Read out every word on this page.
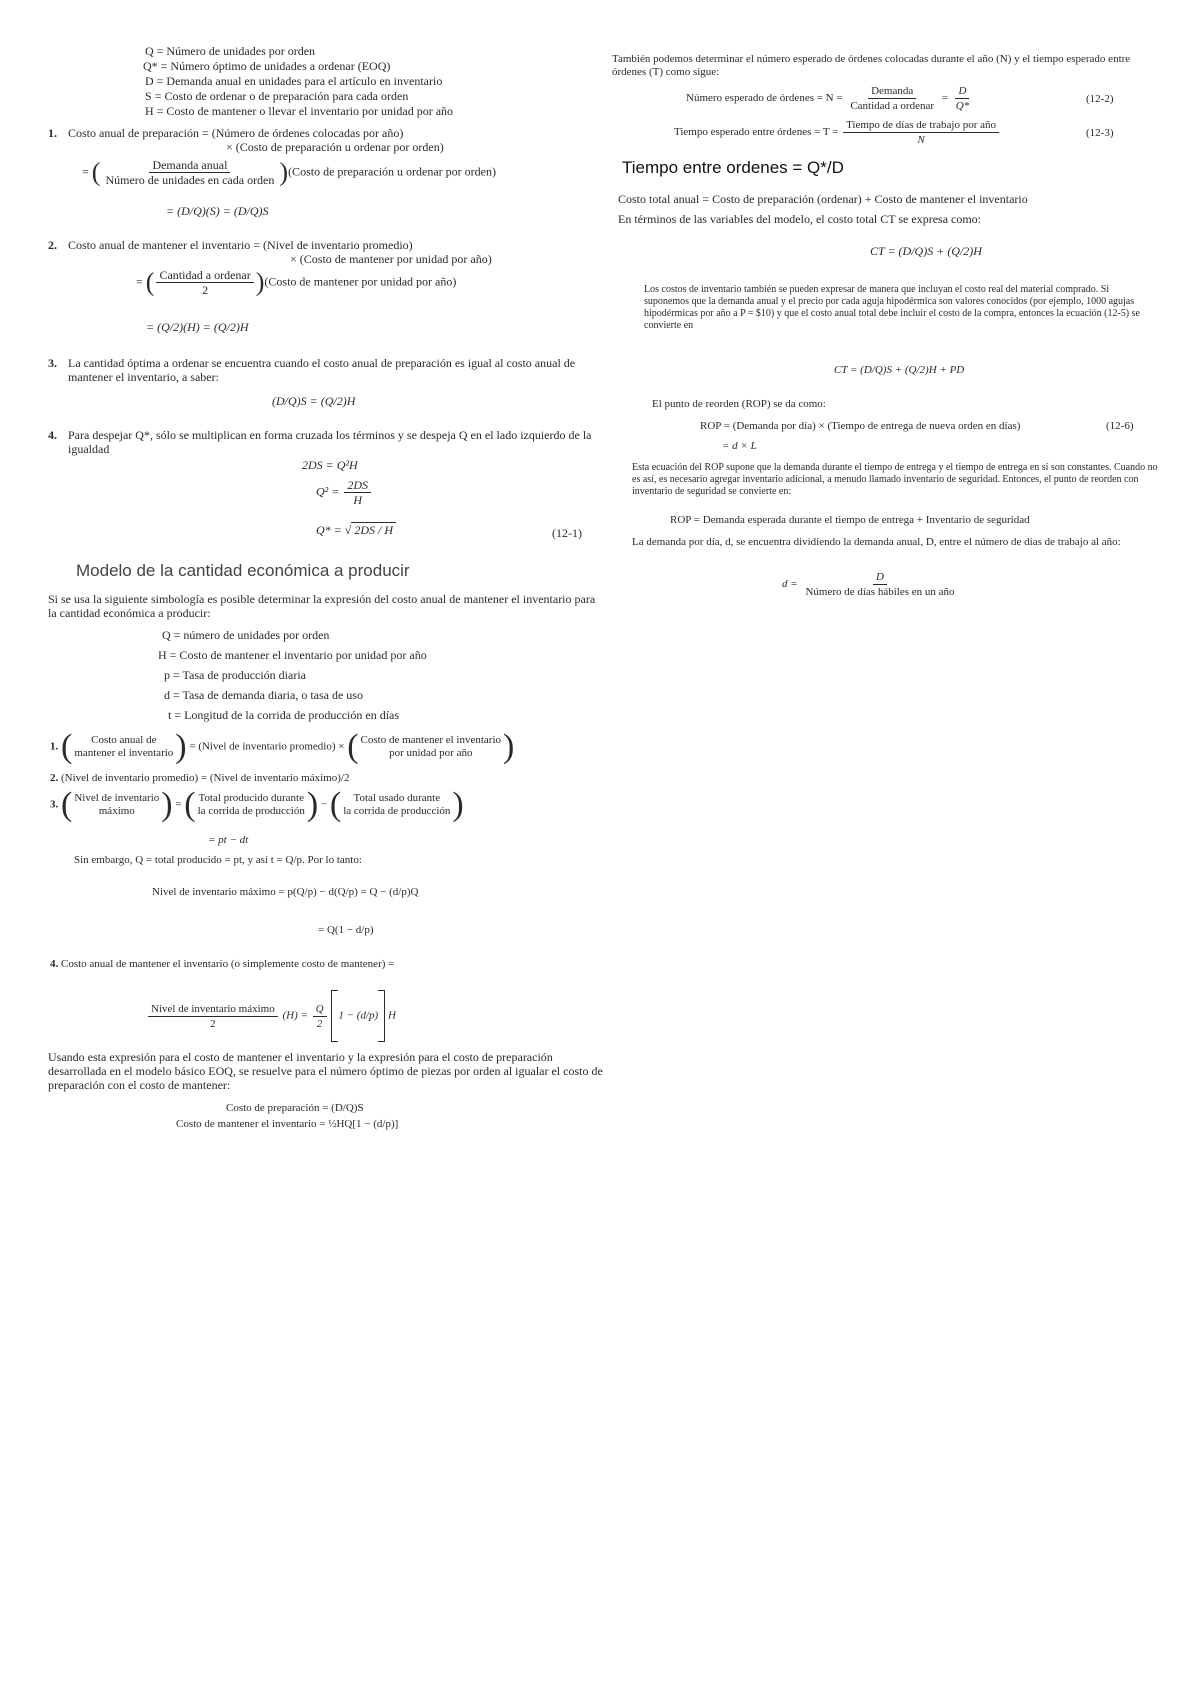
Q = Número de unidades por orden
Q* = Número óptimo de unidades a ordenar (EOQ)
D = Demanda anual en unidades para el artículo en inventario
S = Costo de ordenar o de preparación para cada orden
H = Costo de mantener o llevar el inventario por unidad por año
1. Costo anual de preparación = (Número de órdenes colocadas por año)
× (Costo de preparación u ordenar por orden)
= ( $\frac{\text{Demanda anual}}{\text{Número de unidades en cada orden}}$ )(Costo de preparación u ordenar por orden)
= (D/Q)(S) = (D/Q)S
2. Costo anual de mantener el inventario = (Nivel de inventario promedio)
× (Costo de mantener por unidad por año)
= ( $\frac{\text{Cantidad a ordenar}}{2}$ )(Costo de mantener por unidad por año)
= (Q/2)(H) = (Q/2)H
3. La cantidad óptima a ordenar se encuentra cuando el costo anual de preparación es igual al costo anual de mantener el inventario, a saber:
(D/Q)S = (Q/2)H
4. Para despejar Q*, sólo se multiplican en forma cruzada los términos y se despeja Q en el lado izquierdo de la igualdad
2DS = Q²H
$Q^2 = \frac{2DS}{H}$
Q* = √ 2DS / H	(12-1)
Modelo de la cantidad económica a producir
Si se usa la siguiente simbología es posible determinar la expresión del costo anual de mantener el inventario para la cantidad económica a producir:
Q = número de unidades por orden
H = Costo de mantener el inventario por unidad por año
p = Tasa de producción diaria
d = Tasa de demanda diaria, o tasa de uso
t = Longitud de la corrida de producción en días
1. ( Costo anual de
mantener el inventario ) = (Nivel de inventario promedio) × ( Costo de mantener el inventario
por unidad por año )
2. (Nivel de inventario promedio) = (Nivel de inventario máximo)/2
3. ( Nivel de inventario
máximo ) = ( Total producido durante
la corrida de producción ) − ( Total usado durante
la corrida de producción )
= pt − dt
Sin embargo, Q = total producido = pt, y así t = Q/p. Por lo tanto:
Nivel de inventario máximo = p(Q/p) − d(Q/p) = Q − (d/p)Q
= Q(1 − d/p)
4. Costo anual de mantener el inventario (o simplemente costo de mantener) =
$\frac{\text{Nivel de inventario máximo}}{2} (H) = \frac{Q}{2} 1 - (d/p)$ H
Usando esta expresión para el costo de mantener el inventario y la expresión para el costo de preparación desarrollada en el modelo básico EOQ, se resuelve para el número óptimo de piezas por orden al igualar el costo de preparación con el costo de mantener:
Costo de preparación = (D/Q)S
Costo de mantener el inventario = ½HQ[1 − (d/p)]
También podemos determinar el número esperado de órdenes colocadas durante el año (N) y el tiempo esperado entre órdenes (T) como sigue:
Número esperado de órdenes = $N = \frac{\text{Demanda}}{\text{Cantidad a ordenar}} = \frac{D}{Q*}$	(12-2)
Tiempo esperado entre órdenes = $T = \frac{\text{Tiempo de días de trabajo por año}}{N}$	(12-3)
Tiempo entre ordenes = Q*/D
Costo total anual = Costo de preparación (ordenar) + Costo de mantener el inventario
En términos de las variables del modelo, el costo total CT se expresa como:
CT = (D/Q)S + (Q/2)H
Los costos de inventario también se pueden expresar de manera que incluyan el costo real del material comprado. Si suponemos que la demanda anual y el precio por cada aguja hipodérmica son valores conocidos (por ejemplo, 1000 agujas hipodérmicas por año a P = $10) y que el costo anual total debe incluir el costo de la compra, entonces la ecuación (12-5) se convierte en
CT = (D/Q)S + (Q/2)H + PD
El punto de reorden (ROP) se da como:
ROP = (Demanda por día) × (Tiempo de entrega de nueva orden en días)	(12-6)
= d × L
Esta ecuación del ROP supone que la demanda durante el tiempo de entrega y el tiempo de entrega en sí son constantes. Cuando no es así, es necesario agregar inventario adicional, a menudo llamado inventario de seguridad. Entonces, el punto de reorden con inventario de seguridad se convierte en:
ROP = Demanda esperada durante el tiempo de entrega + Inventario de seguridad
La demanda por día, d, se encuentra dividiendo la demanda anual, D, entre el número de días de trabajo al año:
$d = \frac{D}{\text{Número de días hábiles en un año}}$
